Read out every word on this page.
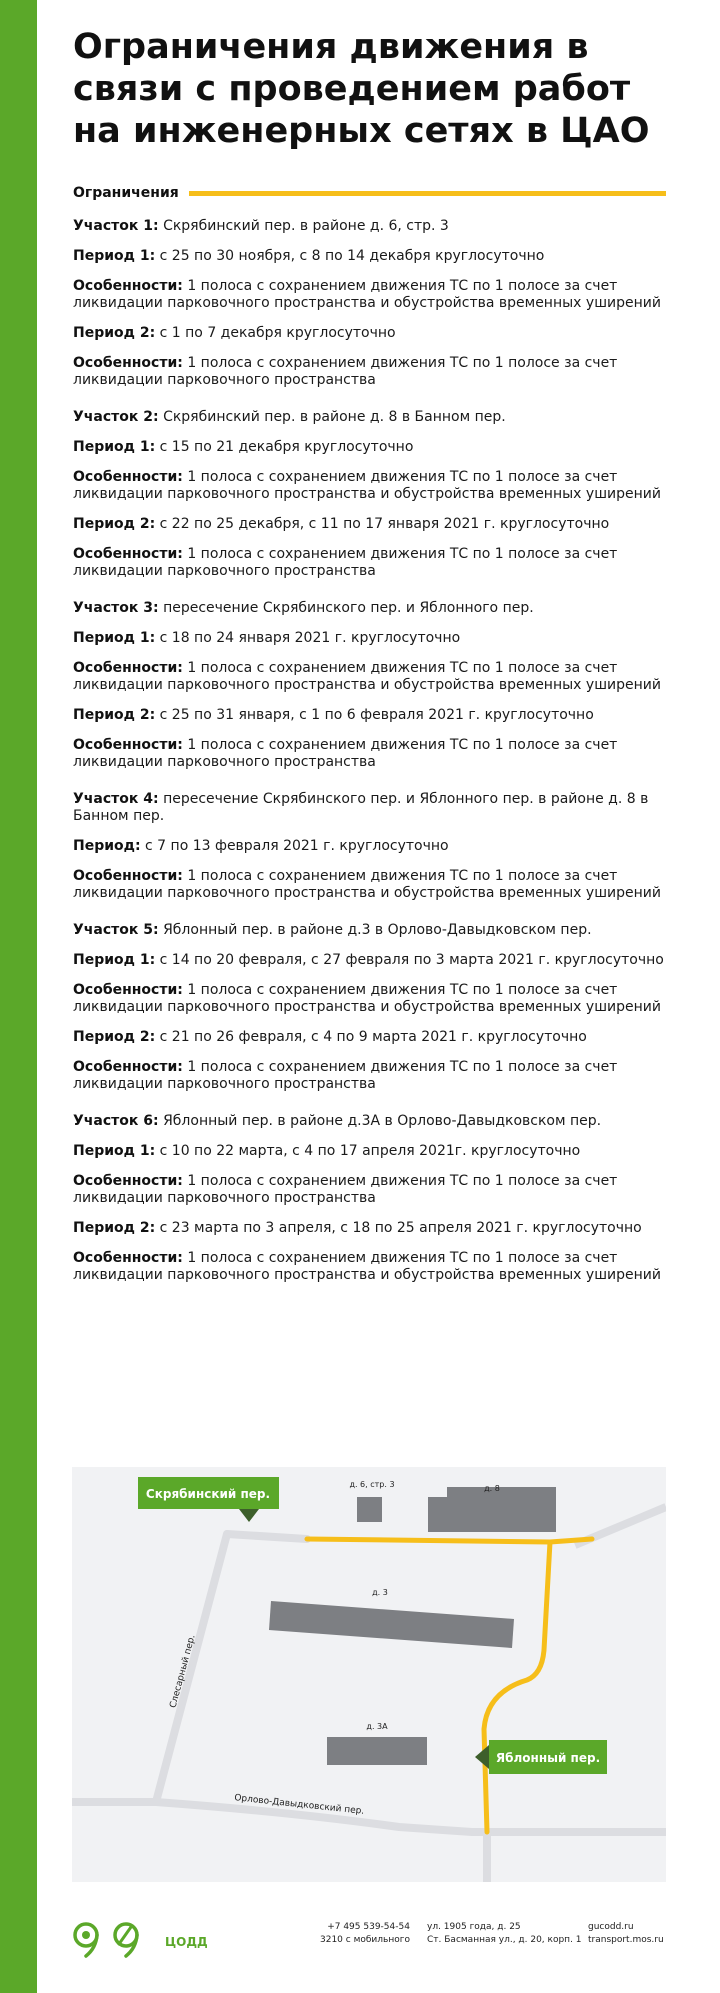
Ограничения движения в связи с проведением работ на инженерных сетях в ЦАО
Ограничения

Участок 1: Скрябинский пер. в районе д. 6, стр. 3

Период 1: с 25 по 30 ноября, с 8 по 14 декабря круглосуточно

Особенности: 1 полоса с сохранением движения ТС по 1 полосе за счет ликвидации парковочного пространства и обустройства временных уширений

Период 2: с 1 по 7 декабря круглосуточно

Особенности: 1 полоса с сохранением движения ТС по 1 полосе за счет ликвидации парковочного пространства

Участок 2: Скрябинский пер. в районе д. 8 в Банном пер.

Период 1: с 15 по 21 декабря круглосуточно

Особенности: 1 полоса с сохранением движения ТС по 1 полосе за счет ликвидации парковочного пространства и обустройства временных уширений

Период 2: с 22 по 25 декабря, с 11 по 17 января 2021 г. круглосуточно

Особенности: 1 полоса с сохранением движения ТС по 1 полосе за счет ликвидации парковочного пространства

Участок 3: пересечение Скрябинского пер. и Яблонного пер.

Период 1: с 18 по 24 января 2021 г. круглосуточно

Особенности: 1 полоса с сохранением движения ТС по 1 полосе за счет ликвидации парковочного пространства и обустройства временных уширений

Период 2: с 25 по 31 января, с 1 по 6 февраля 2021 г. круглосуточно

Особенности: 1 полоса с сохранением движения ТС по 1 полосе за счет ликвидации парковочного пространства

Участок 4: пересечение Скрябинского пер. и Яблонного пер. в районе д. 8 в Банном пер.

Период: с 7 по 13 февраля 2021 г. круглосуточно

Особенности: 1 полоса с сохранением движения ТС по 1 полосе за счет ликвидации парковочного пространства и обустройства временных уширений

Участок 5: Яблонный пер. в районе д.3 в Орлово-Давыдковском пер.

Период 1: с 14 по 20 февраля, с 27 февраля по 3 марта 2021 г. круглосуточно

Особенности: 1 полоса с сохранением движения ТС по 1 полосе за счет ликвидации парковочного пространства и обустройства временных уширений

Период 2: с 21 по 26 февраля, с 4 по 9 марта 2021 г. круглосуточно

Особенности: 1 полоса с сохранением движения ТС по 1 полосе за счет ликвидации парковочного пространства

Участок 6: Яблонный пер. в районе д.3А в Орлово-Давыдковском пер.

Период 1: с 10 по 22 марта, с 4 по 17 апреля 2021г. круглосуточно

Особенности: 1 полоса с сохранением движения ТС по 1 полосе за счет ликвидации парковочного пространства

Период 2: с 23 марта по 3 апреля, с 18 по 25 апреля 2021 г. круглосуточно

Особенности: 1 полоса с сохранением движения ТС по 1 полосе за счет ликвидации парковочного пространства и обустройства временных уширений

д. 6, стр. 3	д. 8
д. 3
д. 3А
Слесарный пер.
Орлово-Давыдковский пер.
Скрябинский пер.
Яблонный пер.
ЦОДД
+7 495 539-54-54
3210 с мобильного
ул. 1905 года, д. 25
Ст. Басманная ул., д. 20, корп. 1
gucodd.ru
transport.mos.ru
